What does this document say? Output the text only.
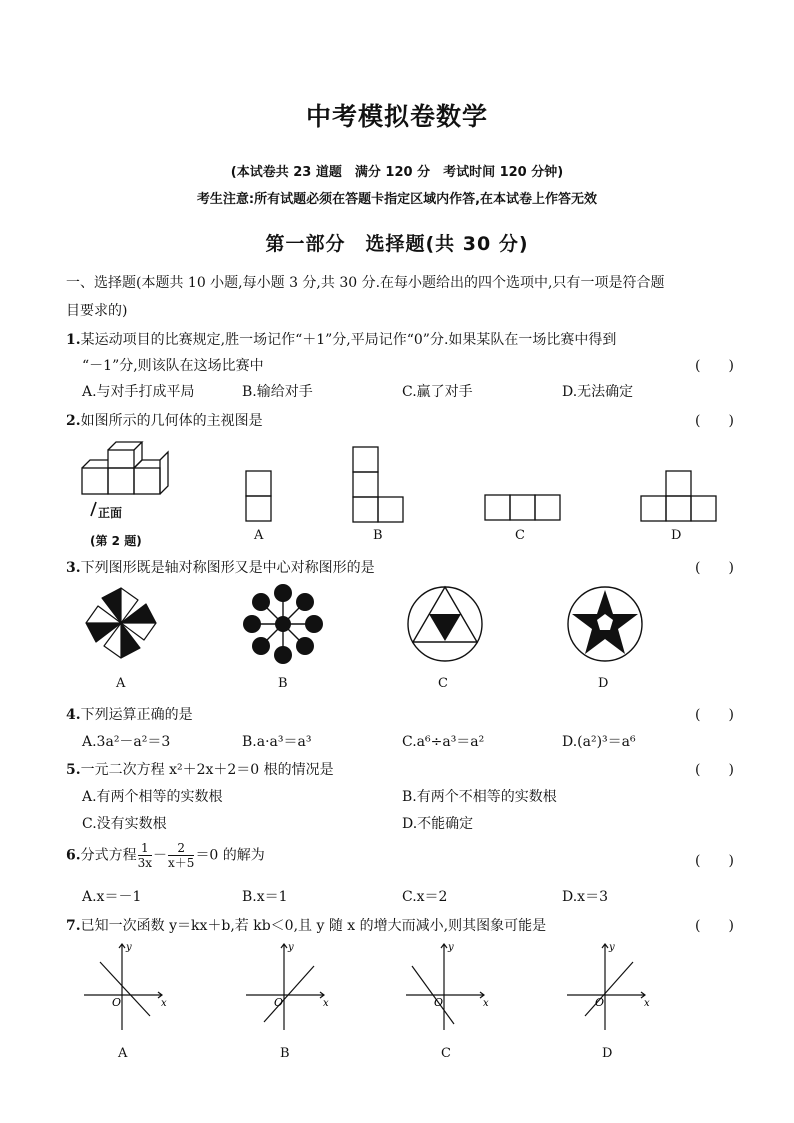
中考模拟卷数学
(本试卷共 23 道题　满分 120 分　考试时间 120 分钟)
考生注意:所有试题必须在答题卡指定区域内作答,在本试卷上作答无效
第一部分　选择题(共 30 分)
一、选择题(本题共 10 小题,每小题 3 分,共 30 分.在每小题给出的四个选项中,只有一项是符合题
目要求的)
1.某运动项目的比赛规定,胜一场记作“＋1”分,平局记作“0”分.如果某队在一场比赛中得到
“－1”分,则该队在这场比赛中	(　　)
A.与对手打成平局	B.输给对手	C.赢了对手	D.无法确定
2.如图所示的几何体的主视图是	(　　)
正面
(第 2 题)	A	B	C	D
3.下列图形既是轴对称图形又是中心对称图形的是	(　　)
A	B	C	D
4.下列运算正确的是	(　　)
A.3a²－a²＝3	B.a·a³＝a³	C.a⁶÷a³＝a²	D.(a²)³＝a⁶
5.一元二次方程 x²＋2x＋2＝0 根的情况是	(　　)
A.有两个相等的实数根	B.有两个不相等的实数根
C.没有实数根	D.不能确定
6.分式方程 $\frac{1}{3x} - \frac{2}{x+5} =0$ 的解为	(　　)
A.x＝－1	B.x＝1	C.x＝2	D.x＝3
7.已知一次函数 y＝kx＋b,若 kb＜0,且 y 随 x 的增大而减小,则其图象可能是	(　　)
x
y
O
A
x
y
O
B
x
y
O
C
x
y
O
D
